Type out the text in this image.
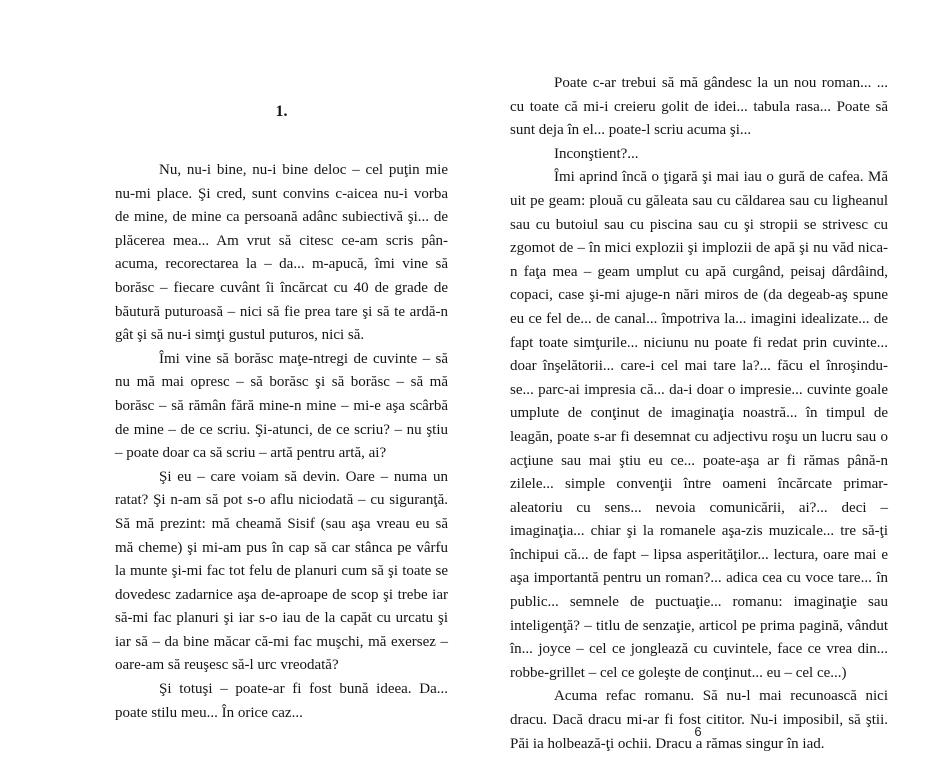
1.

Nu, nu-i bine, nu-i bine deloc – cel puţin mie nu-mi place. Şi cred, sunt convins c-aicea nu-i vorba de mine, de mine ca persoană adânc subiectivă şi... de plăcerea mea... Am vrut să citesc ce-am scris pân-acuma, recorectarea la – da... m-apucă, îmi vine să borăsc – fiecare cuvânt îi încărcat cu 40 de grade de băutură puturoasă – nici să fie prea tare şi să te ardă-n gât şi să nu-i simţi gustul puturos, nici să.

Îmi vine să borăsc maţe-ntregi de cuvinte – să nu mă mai opresc – să borăsc şi să borăsc – să mă borăsc – să rămân fără mine-n mine – mi-e aşa scârbă de mine – de ce scriu. Şi-atunci, de ce scriu? – nu ştiu – poate doar ca să scriu – artă pentru artă, ai?

Şi eu – care voiam să devin. Oare – numa un ratat? Şi n-am să pot s-o aflu niciodată – cu siguranţă. Să mă prezint: mă cheamă Sisif (sau aşa vreau eu să mă cheme) şi mi-am pus în cap să car stânca pe vârfu la munte şi-mi fac tot felu de planuri cum să şi toate se dovedesc zadarnice aşa de-aproape de scop şi trebe iar să-mi fac planuri şi iar s-o iau de la capăt cu urcatu şi iar să – da bine măcar că-mi fac muşchi, mă exersez – oare-am să reuşesc să-l urc vreodată?

Şi totuşi – poate-ar fi fost bună ideea. Da... poate stilu meu... În orice caz...

Poate c-ar trebui să mă gândesc la un nou roman... ... cu toate că mi-i creieru golit de idei... tabula rasa... Poate să sunt deja în el... poate-l scriu acuma şi...

Inconştient?...

Îmi aprind încă o ţigară şi mai iau o gură de cafea. Mă uit pe geam: plouă cu găleata sau cu căldarea sau cu ligheanul sau cu butoiul sau cu piscina sau cu şi stropii se strivesc cu zgomot de – în mici explozii şi implozii de apă şi nu văd nica-n faţa mea – geam umplut cu apă curgând, peisaj dârdâind, copaci, case şi-mi ajuge-n nări miros de (da degeab-aş spune eu ce fel de... de canal... împotriva la... imagini idealizate... de fapt toate simţurile... niciunu nu poate fi redat prin cuvinte... doar înşelătorii... care-i cel mai tare la?... făcu el înroşindu-se... parc-ai impresia că... da-i doar o impresie... cuvinte goale umplute de conţinut de imaginaţia noastră... în timpul de leagăn, poate s-ar fi desemnat cu adjectivu roşu un lucru sau o acţiune sau mai ştiu eu ce... poate-aşa ar fi rămas până-n zilele... simple convenţii între oameni încărcate primar-aleatoriu cu sens... nevoia comunicării, ai?... deci – imaginaţia... chiar şi la romanele aşa-zis muzicale... tre să-ţi închipui că... de fapt – lipsa asperităţilor... lectura, oare mai e aşa importantă pentru un roman?... adica cea cu voce tare... în public... semnele de puctuaţie... romanu: imaginaţie sau inteligenţă? – titlu de senzaţie, articol pe prima pagină, vândut în... joyce – cel ce jonglează cu cuvintele, face ce vrea din... robbe-grillet – cel ce goleşte de conţinut... eu – cel ce...)

Acuma refac romanu. Să nu-l mai recunoască nici dracu. Dacă dracu mi-ar fi fost cititor. Nu-i imposibil, să ştii. Păi ia holbează-ţi ochii. Dracu a rămas singur în iad.

6
